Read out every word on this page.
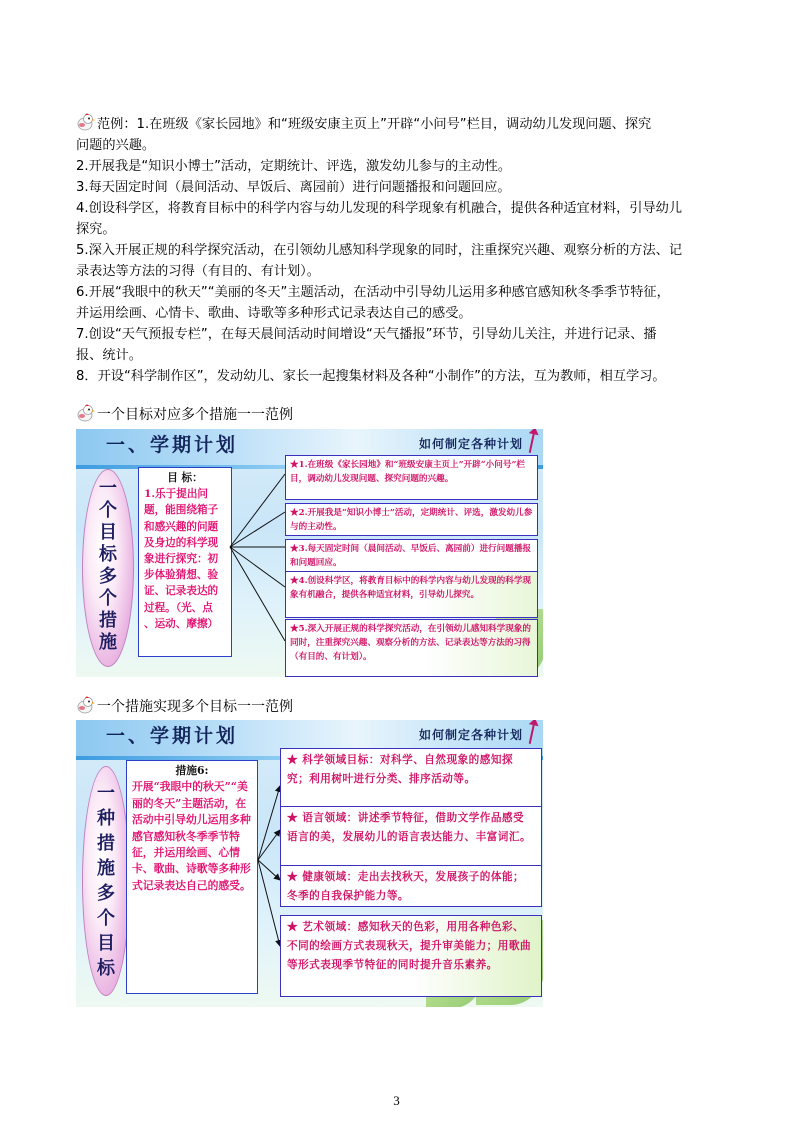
范例：1.在班级《家长园地》和“班级安康主页上”开辟“小问号”栏目，调动幼儿发现问题、探究
问题的兴趣。
2.开展我是“知识小博士”活动，定期统计、评选，激发幼儿参与的主动性。
3.每天固定时间（晨间活动、早饭后、离园前）进行问题播报和问题回应。
4.创设科学区，将教育目标中的科学内容与幼儿发现的科学现象有机融合，提供各种适宜材料，引导幼儿
探究。
5.深入开展正规的科学探究活动，在引领幼儿感知科学现象的同时，注重探究兴趣、观察分析的方法、记
录表达等方法的习得（有目的、有计划）。
6.开展“我眼中的秋天”“美丽的冬天”主题活动，在活动中引导幼儿运用多种感官感知秋冬季季节特征，
并运用绘画、心情卡、歌曲、诗歌等多种形式记录表达自己的感受。
7.创设“天气预报专栏”，在每天晨间活动时间增设“天气播报”环节，引导幼儿关注，并进行记录、播
报、统计。
8．开设“科学制作区”，发动幼儿、家长一起搜集材料及各种“小制作”的方法，互为教师，相互学习。
一个目标对应多个措施一一范例
一、学期计划	如何制定各种计划
一
个
目
标
多
个
措
施
目 标：
1.乐于提出问题，能围绕箱子和感兴趣的问题及身边的科学现象进行探究：初步体验猜想、验证、记录表达的过程。（光、点 、运动、摩擦）
★1.在班级《家长园地》和“班级安康主页上”开辟“小问号”栏目，调动幼儿发现问题、探究问题的兴趣。
★2.开展我是“知识小博士”活动，定期统计、评选，激发幼儿参与的主动性。
★3.每天固定时间（晨间活动、早饭后、离园前）进行问题播报和问题回应。
★4.创设科学区，将教育目标中的科学内容与幼儿发现的科学现象有机融合，提供各种适宜材料，引导幼儿探究。
★5.深入开展正规的科学探究活动，在引领幼儿感知科学现象的同时，注重探究兴趣、观察分析的方法、记录表达等方法的习得（有目的、有计划）。
一个措施实现多个目标一一范例
一、学期计划	如何制定各种计划
一
种
措
施
多
个
目
标
措施6:
开展“我眼中的秋天”“美丽的冬天”主题活动，在活动中引导幼儿运用多种感官感知秋冬季季节特征，并运用绘画、心情卡、歌曲、诗歌等多种形式记录表达自己的感受。
★ 科学领域目标：对科学、自然现象的感知探究；利用树叶进行分类、排序活动等。
★ 语言领域：讲述季节特征，借助文学作品感受语言的美，发展幼儿的语言表达能力、丰富词汇。
★ 健康领域：走出去找秋天，发展孩子的体能；冬季的自我保护能力等。
★ 艺术领域：感知秋天的色彩，用用各种色彩、不同的绘画方式表现秋天，提升审美能力；用歌曲等形式表现季节特征的同时提升音乐素养。
3
